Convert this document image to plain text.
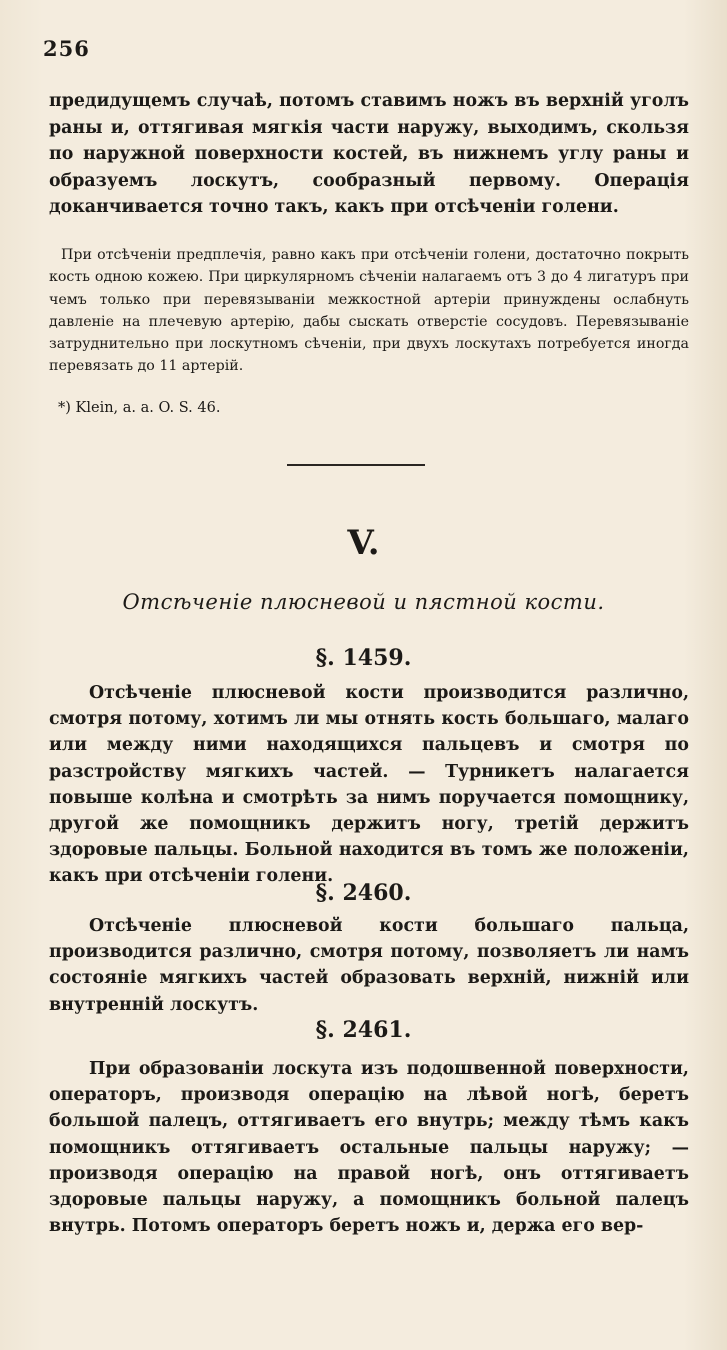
256

предидущемъ случаѣ, потомъ ставимъ ножъ въ верхній уголъ раны и, оттягивая мягкія части наружу, выходимъ, скользя по наружной поверхности костей, въ нижнемъ углу раны и образуемъ лоскутъ, сообразный первому. Операція доканчивается точно такъ, какъ при отсѣченіи голени.

При отсѣченіи предплечія, равно какъ при отсѣченіи голени, достаточно покрыть кость одною кожею. При циркулярномъ сѣченіи налагаемъ отъ 3 до 4 лигатуръ при чемъ только при перевязываніи межкостной артеріи принуждены ослабнуть давленіе на плечевую артерію, дабы сыскать отверстіе сосудовъ. Перевязываніе затруднительно при лоскутномъ сѣченіи, при двухъ лоскутахъ потребуется иногда перевязать до 11 артерій.

*) Klein, a. a. O. S. 46.
V.
Отсѣченіе плюсневой и пястной кости.
§. 1459.

Отсѣченіе плюсневой кости производится различно, смотря потому, хотимъ ли мы отнять кость большаго, малаго или между ними находящихся пальцевъ и смотря по разстройству мягкихъ частей. — Турникетъ налагается повыше колѣна и смотрѣть за нимъ поручается помощнику, другой же помощникъ держитъ ногу, третій держитъ здоровые пальцы. Больной находится въ томъ же положеніи, какъ при отсѣченіи голени.

§. 2460.

Отсѣченіе плюсневой кости большаго пальца, производится различно, смотря потому, позволяетъ ли намъ состояніе мягкихъ частей образовать верхній, нижній или внутренній лоскутъ.

§. 2461.

При образованіи лоскута изъ подошвенной поверхности, операторъ, производя операцію на лѣвой ногѣ, беретъ большой палецъ, оттягиваетъ его внутрь; между тѣмъ какъ помощникъ оттягиваетъ остальные пальцы наружу; — производя операцію на правой ногѣ, онъ оттягиваетъ здоровые пальцы наружу, а помощникъ больной палецъ внутрь. Потомъ операторъ беретъ ножъ и, держа его вер-
